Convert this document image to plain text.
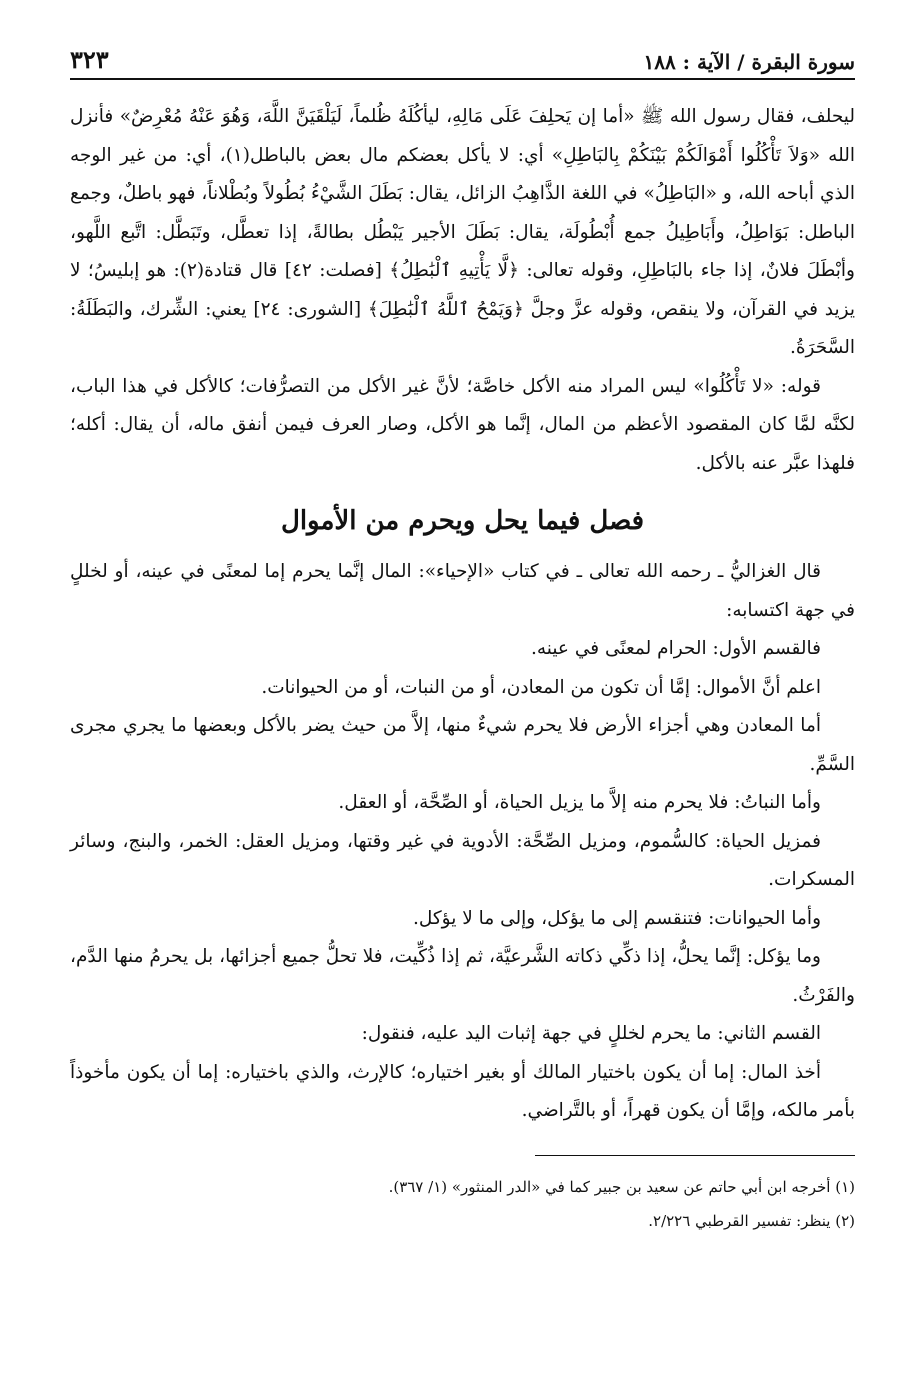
سورة البقرة / الآية : ١٨٨
٣٢٣

ليحلف، فقال رسول الله ﷺ «أما إن يَحلِفَ عَلَى مَالِهِ، ليأكُلَهُ ظُلماً، لَيَلْقَيَنَّ اللَّهَ، وَهُوَ عَنْهُ مُعْرِضٌ» فأنزل الله «وَلاَ تَأْكُلُوا أَمْوَالَكُمْ بَيْنَكُمْ بِالبَاطِلِ» أي: لا يأكل بعضكم مال بعض بالباطل(١)، أي: من غير الوجه الذي أباحه الله، و «البَاطِلُ» في اللغة الذَّاهِبُ الزائل، يقال: بَطَلَ الشَّيْءُ بُطُولاً وبُطْلاناً، فهو باطلٌ، وجمع الباطل: بَوَاطِلُ، وأَبَاطِيلُ جمع أُبْطُولَة، يقال: بَطَلَ الأجير يَبْطُل بطالةً، إذا تعطَّل، وتَبَطَّل: اتَّبع اللَّهو، وأبْطَلَ فلانٌ، إذا جاء بالبَاطِلِ، وقوله تعالى: ﴿لَّا يَأْتِيهِ ٱلْبَٰطِلُ﴾ [فصلت: ٤٢] قال قتادة(٢): هو إبليسُ؛ لا يزيد في القرآن، ولا ينقص، وقوله عزَّ وجلَّ ﴿وَيَمْحُ ٱللَّهُ ٱلْبَٰطِلَ﴾ [الشورى: ٢٤] يعني: الشِّرك، والبَطَلَةُ: السَّحَرَةُ.

قوله: «لا تَأْكُلُوا» ليس المراد منه الأكل خاصَّة؛ لأنَّ غير الأكل من التصرُّفات؛ كالأكل في هذا الباب، لكنَّه لمَّا كان المقصود الأعظم من المال، إنَّما هو الأكل، وصار العرف فيمن أنفق ماله، أن يقال: أكله؛ فلهذا عبَّر عنه بالأكل.

فصل فيما يحل ويحرم من الأموال

قال الغزاليُّ ـ رحمه الله تعالى ـ في كتاب «الإحياء»: المال إنَّما يحرم إما لمعنًى في عينه، أو لخللٍ في جهة اكتسابه:

فالقسم الأول: الحرام لمعنًى في عينه.

اعلم أنَّ الأموال: إمَّا أن تكون من المعادن، أو من النبات، أو من الحيوانات.

أما المعادن وهي أجزاء الأرض فلا يحرم شيءٌ منها، إلاَّ من حيث يضر بالأكل وبعضها ما يجري مجرى السَّمِّ.

وأما النباتُ: فلا يحرم منه إلاَّ ما يزيل الحياة، أو الصِّحَّة، أو العقل.

فمزيل الحياة: كالسُّموم، ومزيل الصِّحَّة: الأدوية في غير وقتها، ومزيل العقل: الخمر، والبنج، وسائر المسكرات.

وأما الحيوانات: فتنقسم إلى ما يؤكل، وإلى ما لا يؤكل.

وما يؤكل: إنَّما يحلُّ، إذا ذكِّي ذكاته الشَّرعيَّة، ثم إذا ذُكِّيت، فلا تحلُّ جميع أجزائها، بل يحرمُ منها الدَّم، والفَرْثُ.

القسم الثاني: ما يحرم لخللٍ في جهة إثبات اليد عليه، فنقول:

أخذ المال: إما أن يكون باختيار المالك أو بغير اختياره؛ كالإرث، والذي باختياره: إما أن يكون مأخوذاً بأمر مالكه، وإمَّا أن يكون قهراً، أو بالتَّراضي.

(١) أخرجه ابن أبي حاتم عن سعيد بن جبير كما في «الدر المنثور» (١/ ٣٦٧).

(٢) ينظر: تفسير القرطبي ٢/٢٢٦.
